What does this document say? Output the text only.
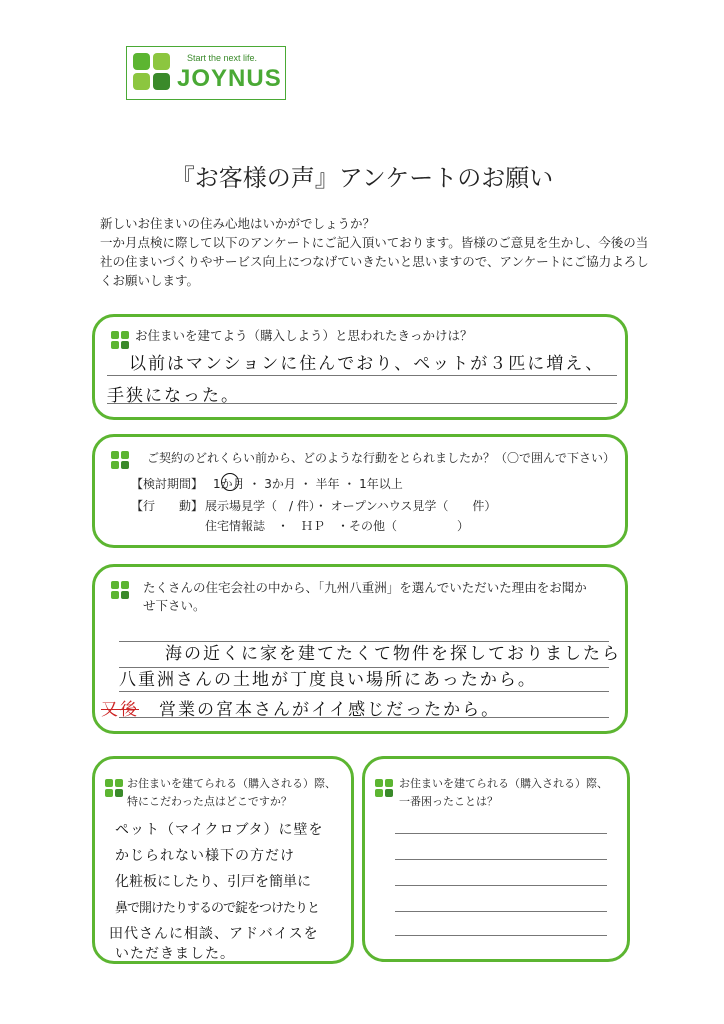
Start the next life.
JOYNUS
『お客様の声』アンケートのお願い

新しいお住まいの住み心地はいかがでしょうか？

一か月点検に際して以下のアンケートにご記入頂いております。皆様のご意見を生かし、今後の当社の住まいづくりやサービス向上につなげていきたいと思いますので、アンケートにご協力よろしくお願いします。

お住まいを建てよう（購入しよう）と思われたきっかけは？
以前はマンションに住んでおり、ペットが３匹に増え、
手狭になった。
ご契約のどれくらい前から、どのような行動をとられましたか？（〇で囲んで下さい）
【検討期間】 1か月 ・ 3か月 ・ 半年 ・ 1年以上
【行　　動】 展示場見学（　/ 件）・ オープンハウス見学（　　件）
住宅情報誌　・　ＨＰ　・その他（　　　　　）
たくさんの住宅会社の中から、「九州八重洲」を選んでいただいた理由をお聞か
せ下さい。
海の近くに家を建てたくて物件を探しておりましたら
八重洲さんの土地が丁度良い場所にあったから。
又後 営業の宮本さんがイイ感じだったから。
お住まいを建てられる（購入される）際、
特にこだわった点はどこですか？
ペット（マイクロブタ）に壁を
かじられない様下の方だけ
化粧板にしたり、引戸を簡単に
鼻で開けたりするので錠をつけたりと
田代さんに相談、アドバイスを
いただきました。
お住まいを建てられる（購入される）際、
一番困ったことは？
